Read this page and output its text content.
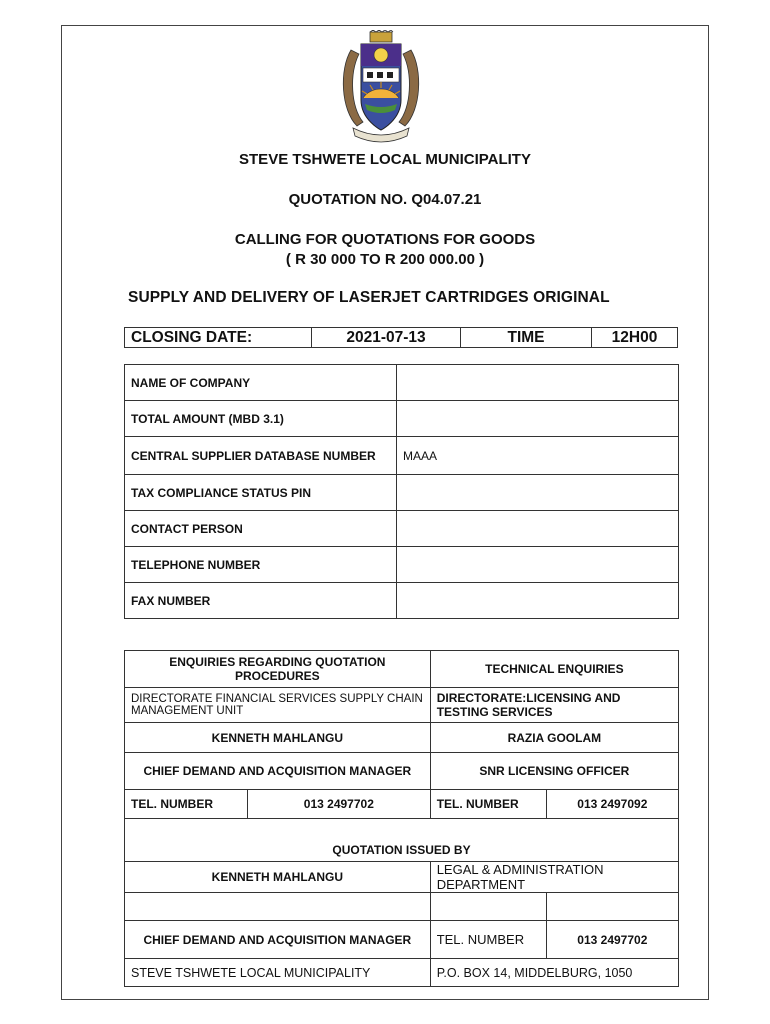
STEVE TSHWETE LOCAL MUNICIPALITY
QUOTATION NO. Q04.07.21
CALLING FOR QUOTATIONS FOR GOODS
( R 30 000 TO R 200 000.00 )
SUPPLY AND DELIVERY OF LASERJET CARTRIDGES ORIGINAL
CLOSING DATE:	2021-07-13	TIME	12H00
NAME OF COMPANY	
TOTAL AMOUNT (MBD 3.1)	
CENTRAL SUPPLIER DATABASE NUMBER	MAAA
TAX COMPLIANCE STATUS PIN	
CONTACT PERSON	
TELEPHONE NUMBER	
FAX NUMBER	
ENQUIRIES REGARDING QUOTATION PROCEDURES		TECHNICAL ENQUIRIES	
DIRECTORATE FINANCIAL SERVICES SUPPLY CHAIN MANAGEMENT UNIT		DIRECTORATE:LICENSING AND TESTING SERVICES	
KENNETH MAHLANGU		RAZIA GOOLAM	
CHIEF DEMAND AND ACQUISITION MANAGER		SNR LICENSING OFFICER	
TEL. NUMBER	013 2497702	TEL. NUMBER	013 2497092
QUOTATION ISSUED BY			
KENNETH MAHLANGU		LEGAL & ADMINISTRATION DEPARTMENT	

CHIEF DEMAND AND ACQUISITION MANAGER		TEL. NUMBER	013 2497702
STEVE TSHWETE LOCAL MUNICIPALITY		P.O. BOX 14, MIDDELBURG, 1050	
